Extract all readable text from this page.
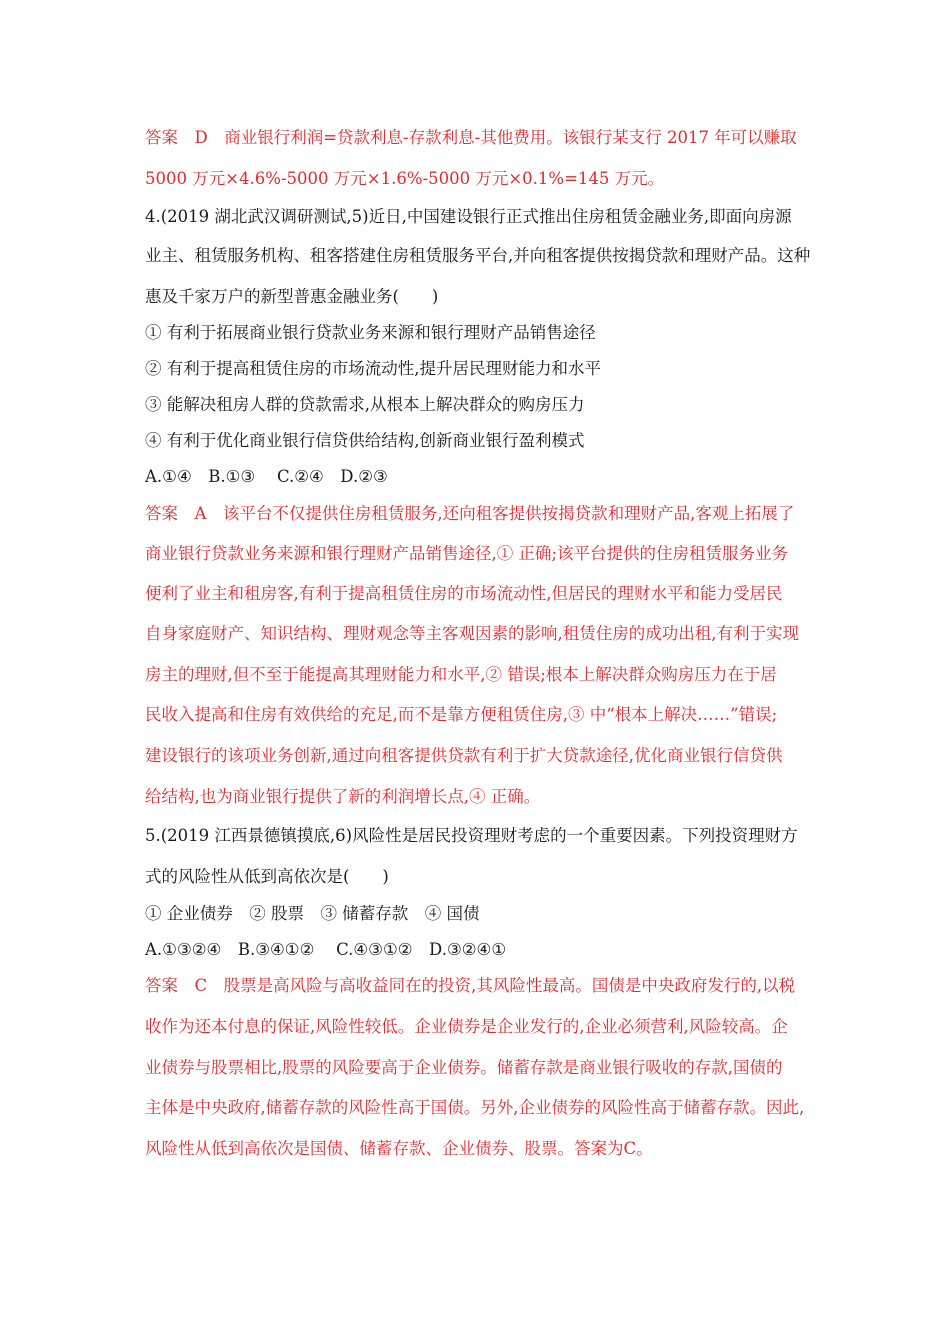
答案　D　商业银行利润=贷款利息-存款利息-其他费用。该银行某支行 2017 年可以赚取
5000 万元×4.6%-5000 万元×1.6%-5000 万元×0.1%=145 万元。
4.(2019 湖北武汉调研测试,5)近日,中国建设银行正式推出住房租赁金融业务,即面向房源
业主、租赁服务机构、租客搭建住房租赁服务平台,并向租客提供按揭贷款和理财产品。这种
惠及千家万户的新型普惠金融业务(　　)
① 有利于拓展商业银行贷款业务来源和银行理财产品销售途径
② 有利于提高租赁住房的市场流动性,提升居民理财能力和水平
③ 能解决租房人群的贷款需求,从根本上解决群众的购房压力
④ 有利于优化商业银行信贷供给结构,创新商业银行盈利模式
A.①④　B.①③　 C.②④　D.②③
答案　A　该平台不仅提供住房租赁服务,还向租客提供按揭贷款和理财产品,客观上拓展了
商业银行贷款业务来源和银行理财产品销售途径,① 正确;该平台提供的住房租赁服务业务
便利了业主和租房客,有利于提高租赁住房的市场流动性,但居民的理财水平和能力受居民
自身家庭财产、知识结构、理财观念等主客观因素的影响,租赁住房的成功出租,有利于实现
房主的理财,但不至于能提高其理财能力和水平,② 错误;根本上解决群众购房压力在于居
民收入提高和住房有效供给的充足,而不是靠方便租赁住房,③ 中“根本上解决……”错误;
建设银行的该项业务创新,通过向租客提供贷款有利于扩大贷款途径,优化商业银行信贷供
给结构,也为商业银行提供了新的利润增长点,④ 正确。
5.(2019 江西景德镇摸底,6)风险性是居民投资理财考虑的一个重要因素。下列投资理财方
式的风险性从低到高依次是(　　)
① 企业债券　② 股票　③ 储蓄存款　④ 国债
A.①③②④　B.③④①②　 C.④③①②　D.③②④①
答案　C　股票是高风险与高收益同在的投资,其风险性最高。国债是中央政府发行的,以税
收作为还本付息的保证,风险性较低。企业债券是企业发行的,企业必须营利,风险较高。企
业债券与股票相比,股票的风险要高于企业债券。储蓄存款是商业银行吸收的存款,国债的
主体是中央政府,储蓄存款的风险性高于国债。另外,企业债券的风险性高于储蓄存款。因此,
风险性从低到高依次是国债、储蓄存款、企业债券、股票。答案为C。
